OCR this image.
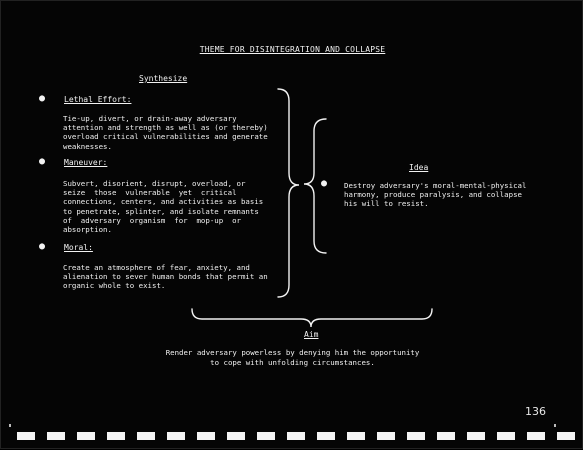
THEME FOR DISINTEGRATION AND COLLAPSE
Synthesize
● Lethal Effort:
Tie-up, divert, or drain-away adversary
attention and strength as well as (or thereby)
overload critical vulnerabilities and generate
weaknesses.
● Maneuver:
Subvert, disorient, disrupt, overload, or
seize  those  vulnerable  yet  critical
connections, centers, and activities as basis
to penetrate, splinter, and isolate remnants
of  adversary  organism  for  mop-up  or
absorption.
● Moral:
Create an atmosphere of fear, anxiety, and
alienation to sever human bonds that permit an
organic whole to exist.
Idea
● Destroy adversary's moral-mental-physical
harmony, produce paralysis, and collapse
his will to resist.
Aim
Render adversary powerless by denying him the opportunity
to cope with unfolding circumstances.
136
